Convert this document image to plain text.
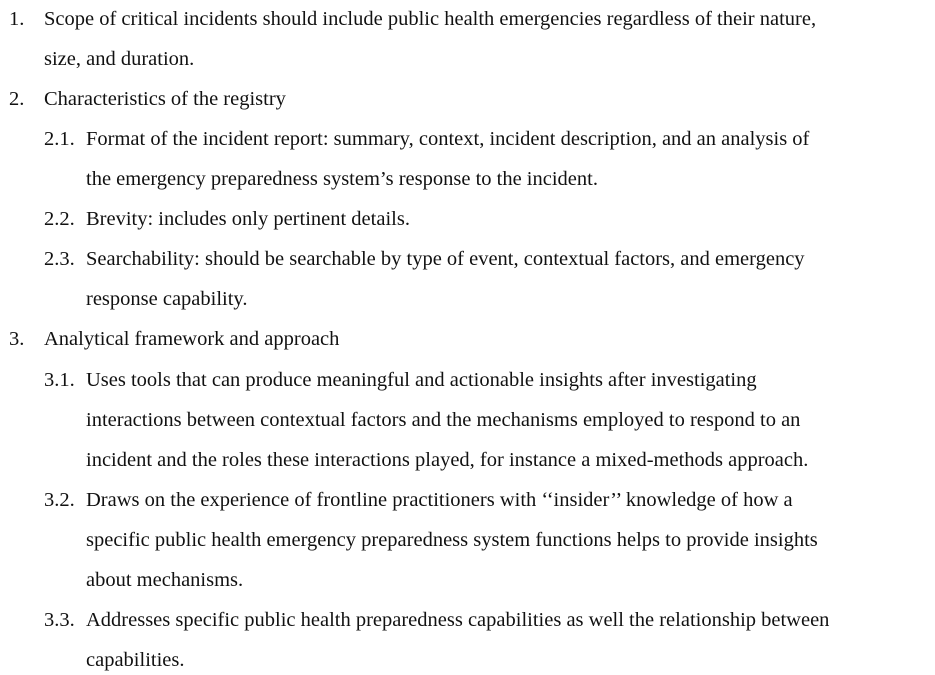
1. Scope of critical incidents should include public health emergencies regardless of their nature,
size, and duration.
2. Characteristics of the registry
2.1. Format of the incident report: summary, context, incident description, and an analysis of
the emergency preparedness system’s response to the incident.
2.2. Brevity: includes only pertinent details.
2.3. Searchability: should be searchable by type of event, contextual factors, and emergency
response capability.
3. Analytical framework and approach
3.1. Uses tools that can produce meaningful and actionable insights after investigating
interactions between contextual factors and the mechanisms employed to respond to an
incident and the roles these interactions played, for instance a mixed-methods approach.
3.2. Draws on the experience of frontline practitioners with ‘‘insider’’ knowledge of how a
specific public health emergency preparedness system functions helps to provide insights
about mechanisms.
3.3. Addresses specific public health preparedness capabilities as well the relationship between
capabilities.
